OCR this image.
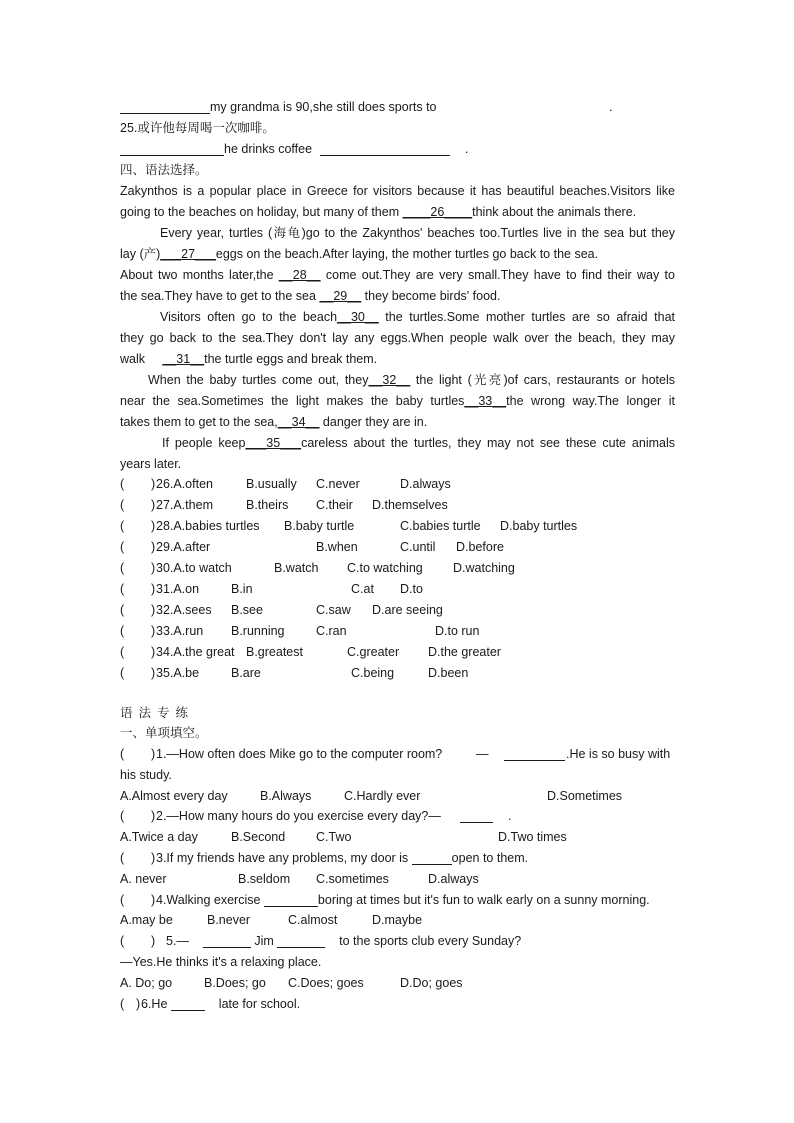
my grandma is 90,she still does sports to	.
25.或许他每周喝一次咖啡。
he drinks coffee	.
四、语法选择。
Zakynthos is a popular place in Greece for visitors because it has beautiful beaches.Visitors like
going to the beaches on holiday, but many of them ____26____think about the animals there.
Every year, turtles (海龟)go to the Zakynthos' beaches too.Turtles live in the sea but they
lay (产)___27___eggs on the beach.After laying, the mother turtles go back to the sea.
About two months later,the __28__ come out.They are very small.They have to find their way to
the sea.They have to get to the sea __29__ they become birds' food.
Visitors often go to the beach__30__ the turtles.Some mother turtles are so afraid that
they go back to the sea.They don't lay any eggs.When people walk over the beach, they may
walk __31__the turtle eggs and break them.
When the baby turtles come out, they__32__ the light (光亮)of cars, restaurants or hotels
near the sea.Sometimes the light makes the baby turtles__33__the wrong way.The longer it
takes them to get to the sea,__34__ danger they are in.
If people keep___35___careless about the turtles, they may not see these cute animals
years later.
( ) 26.A.often	B.usually C.never	D.always
( ) 27.A.them	B.theirs C.their D.themselves
( ) 28.A.babies turtles B.baby turtle	C.babies turtle D.baby turtles
( ) 29.A.after	B.when	C.until D.before
( ) 30.A.to watch	B.watch C.to watching D.watching
( ) 31.A.on	B.in	C.at D.to
( ) 32.A.sees B.see	C.saw D.are seeing
( ) 33.A.run B.running	C.ran	D.to run
( ) 34.A.the great B.greatest	C.greater D.the greater
( ) 35.A.be	B.are	C.being	D.been
语法专练
一、单项填空。
( ) 1.—How often does Mike go to the computer room?	—	.He is so busy with
his study.
A.Almost every day	B.Always	C.Hardly ever	D.Sometimes
( ) 2.—How many hours do you exercise every day?—	.
A.Twice a day	B.Second C.Two	D.Two times
( ) 3.If my friends have any problems, my door is	open to them.
A. never	B.seldom C.sometimes	D.always
( ) 4.Walking exercise	boring at times but it's fun to walk early on a sunny morning.
A.may be	B.never	C.almost	D.maybe
( ) 5.—	Jim	to the sports club every Sunday?
—Yes.He thinks it's a relaxing place.
A. Do; go	B.Does; go C.Does; goes	D.Do; goes
( ) 6.He	late for school.
